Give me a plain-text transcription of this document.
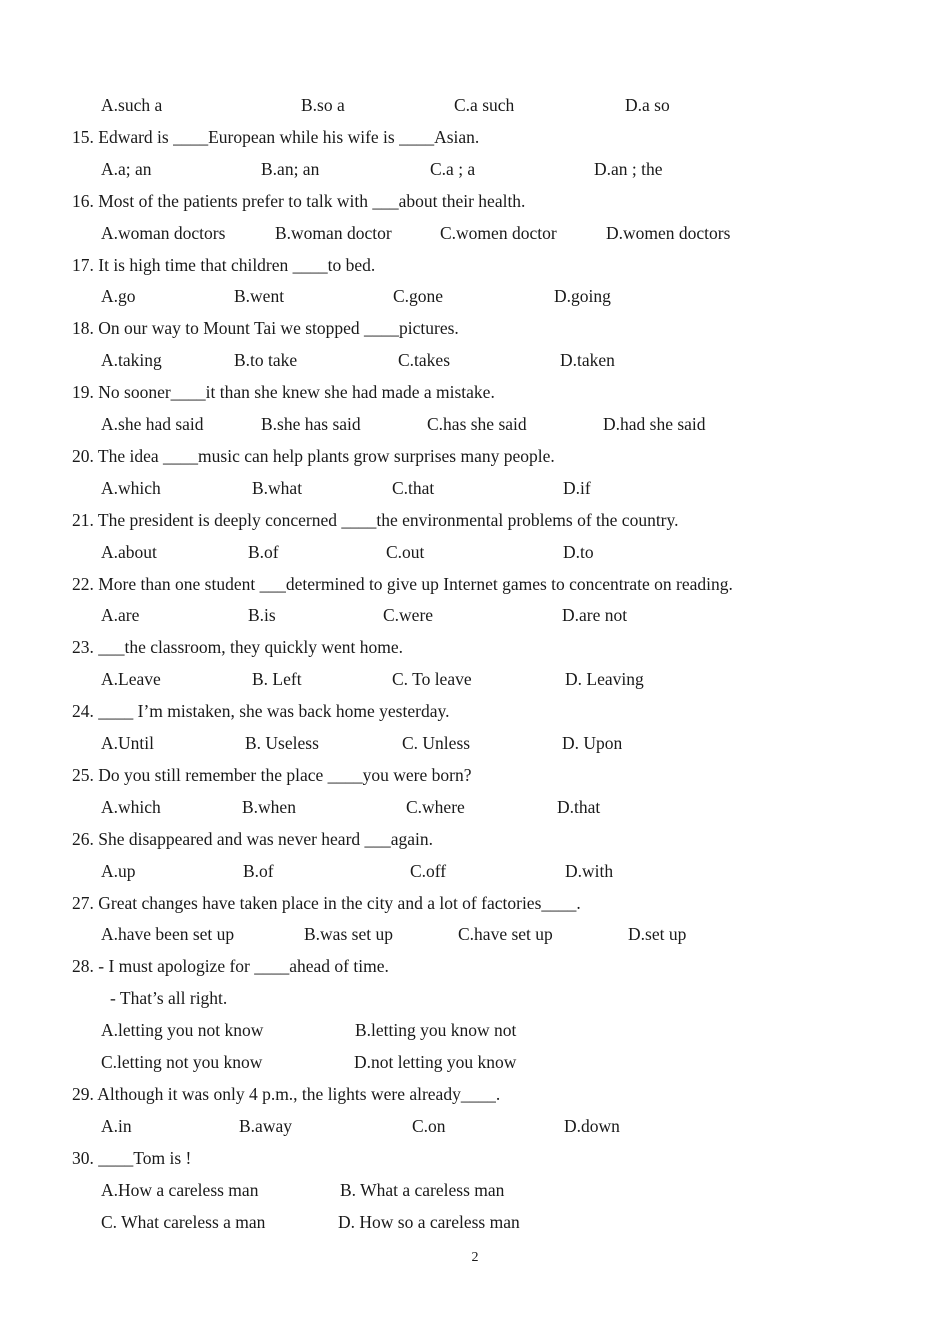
A.such a	B.so a	C.a such	D.a so
15. Edward is ____European while his wife is ____Asian.
A.a; an	B.an; an	C.a ; a	D.an ; the
16. Most of the patients prefer to talk with ___about their health.
A.woman doctors	B.woman doctor	C.women doctor	D.women doctors
17. It is high time that children ____to bed.
A.go	B.went	C.gone	D.going
18. On our way to Mount Tai we stopped ____pictures.
A.taking	B.to take	C.takes	D.taken
19. No sooner____it than she knew she had made a mistake.
A.she had said	B.she has said	C.has she said	D.had she said
20. The idea ____music can help plants grow surprises many people.
A.which	B.what	C.that	D.if
21. The president is deeply concerned ____the environmental problems of the country.
A.about	B.of	C.out	D.to
22. More than one student ___determined to give up Internet games to concentrate on reading.
A.are	B.is	C.were	D.are not
23. ___the classroom, they quickly went home.
A.Leave	B. Left	C. To leave	D. Leaving
24. ____ I’m mistaken, she was back home yesterday.
A.Until	B. Useless	C. Unless	D. Upon
25. Do you still remember the place ____you were born?
A.which	B.when	C.where	D.that
26. She disappeared and was never heard ___again.
A.up	B.of	C.off	D.with
27. Great changes have taken place in the city and a lot of factories____.
A.have been set up	B.was set up	C.have set up	D.set up
28. - I must apologize for ____ahead of time.
- That’s all right.
A.letting you not know	B.letting you know not
C.letting not you know	D.not letting you know
29. Although it was only 4 p.m., the lights were already____.
A.in	B.away	C.on	D.down
30. ____Tom is !
A.How a careless man	B. What a careless man
C. What careless a man	D. How so a careless man
2
